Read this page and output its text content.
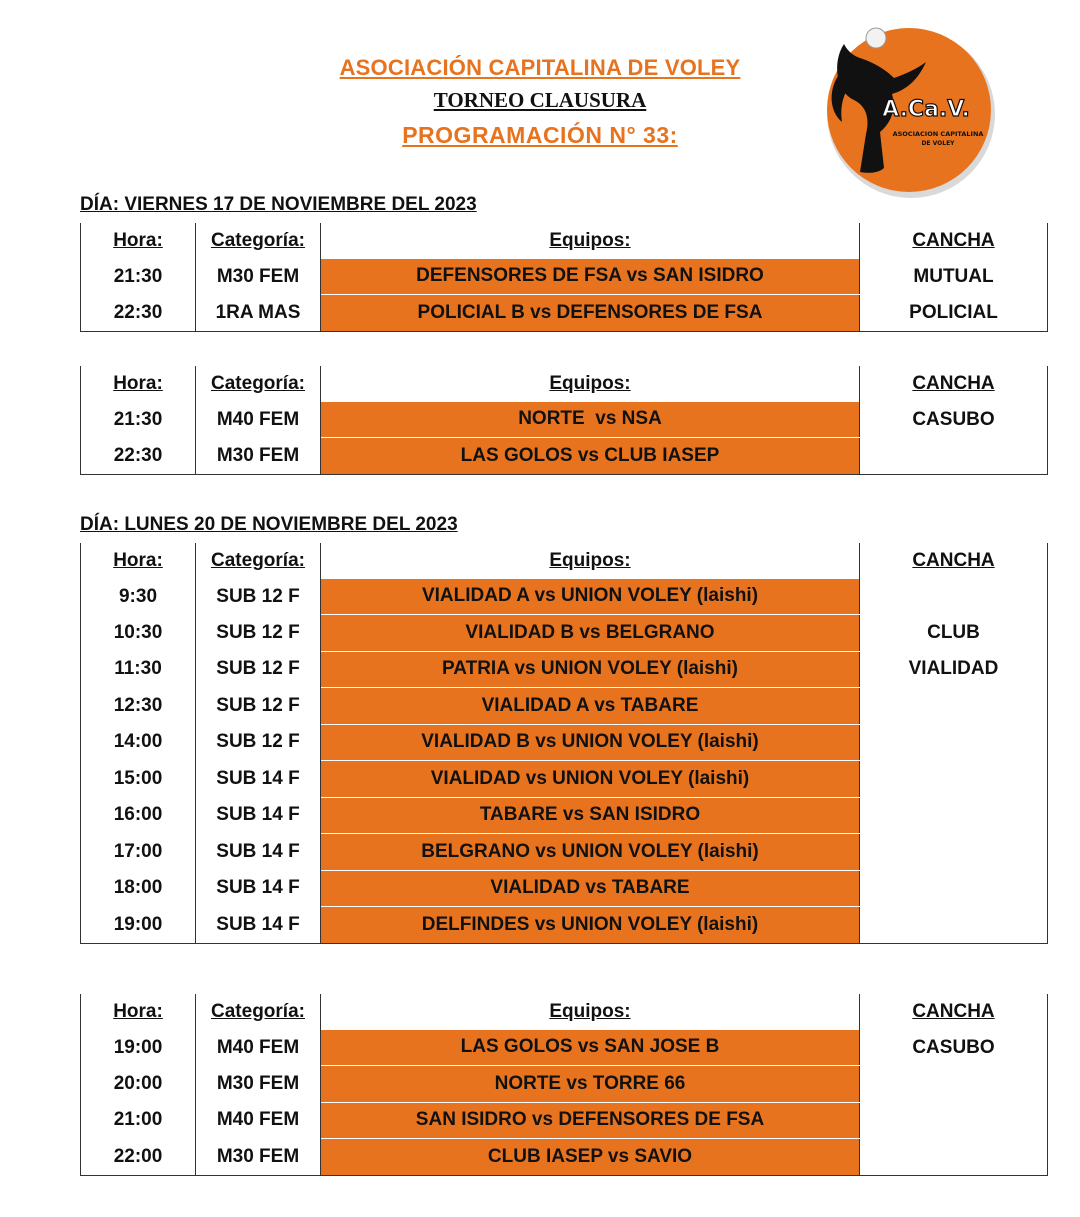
ASOCIACIÓN CAPITALINA DE VOLEY
TORNEO CLAUSURA
PROGRAMACIÓN N° 33:
A.Ca.V.
ASOCIACION CAPITALINA
DE VOLEY
DÍA: VIERNES 17 DE NOVIEMBRE DEL 2023
Hora:	Categoría:	Equipos:	CANCHA
21:30	M30 FEM	DEFENSORES DE FSA vs SAN ISIDRO	MUTUAL
22:30	1RA MAS	POLICIAL B vs DEFENSORES DE FSA	POLICIAL
Hora:	Categoría:	Equipos:	CANCHA
21:30	M40 FEM	NORTE  vs NSA	CASUBO
22:30	M30 FEM	LAS GOLOS vs CLUB IASEP	
DÍA: LUNES 20 DE NOVIEMBRE DEL 2023
Hora:	Categoría:	Equipos:	CANCHA
9:30	SUB 12 F	VIALIDAD A vs UNION VOLEY (laishi)	
10:30	SUB 12 F	VIALIDAD B vs BELGRANO	CLUB
11:30	SUB 12 F	PATRIA vs UNION VOLEY (laishi)	VIALIDAD
12:30	SUB 12 F	VIALIDAD A vs TABARE	
14:00	SUB 12 F	VIALIDAD B vs UNION VOLEY (laishi)	
15:00	SUB 14 F	VIALIDAD vs UNION VOLEY (laishi)	
16:00	SUB 14 F	TABARE vs SAN ISIDRO	
17:00	SUB 14 F	BELGRANO vs UNION VOLEY (laishi)	
18:00	SUB 14 F	VIALIDAD vs TABARE	
19:00	SUB 14 F	DELFINDES vs UNION VOLEY (laishi)	
Hora:	Categoría:	Equipos:	CANCHA
19:00	M40 FEM	LAS GOLOS vs SAN JOSE B	CASUBO
20:00	M30 FEM	NORTE vs TORRE 66	
21:00	M40 FEM	SAN ISIDRO vs DEFENSORES DE FSA	
22:00	M30 FEM	CLUB IASEP vs SAVIO	
